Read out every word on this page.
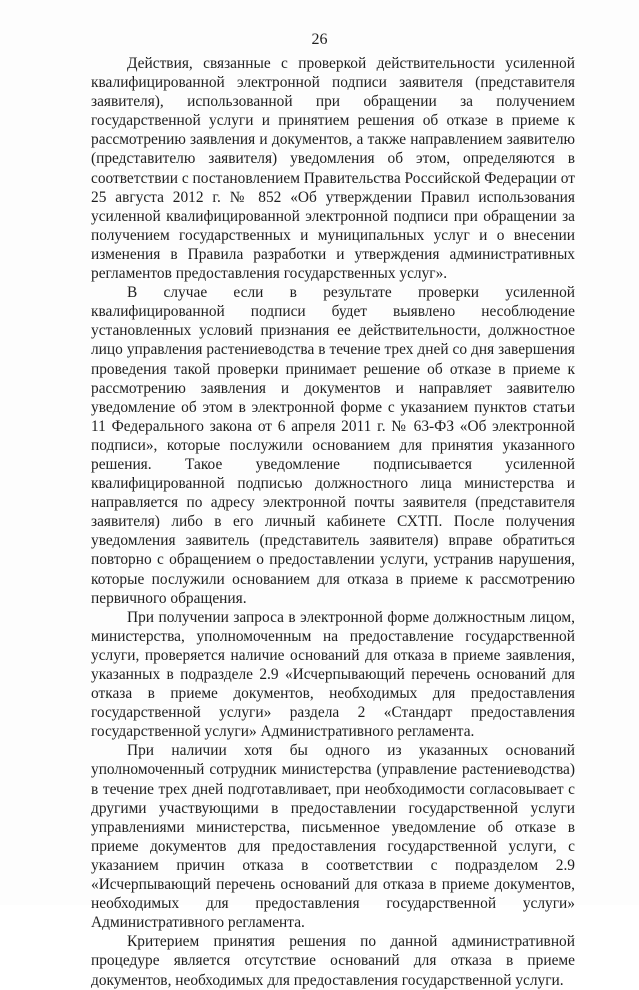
26

Действия, связанные с проверкой действительности усиленной квалифицированной электронной подписи заявителя (представителя заявителя), использованной при обращении за получением государственной услуги и принятием решения об отказе в приеме к рассмотрению заявления и документов, а также направлением заявителю (представителю заявителя) уведомления об этом, определяются в соответствии с постановлением Правительства Российской Федерации от 25 августа 2012 г. № 852 «Об утверждении Правил использования усиленной квалифицированной электронной подписи при обращении за получением государственных и муниципальных услуг и о внесении изменения в Правила разработки и утверждения административных регламентов предоставления государственных услуг».

В случае если в результате проверки усиленной квалифицированной подписи будет выявлено несоблюдение установленных условий признания ее действительности, должностное лицо управления растениеводства в течение трех дней со дня завершения проведения такой проверки принимает решение об отказе в приеме к рассмотрению заявления и документов и направляет заявителю уведомление об этом в электронной форме с указанием пунктов статьи 11 Федерального закона от 6 апреля 2011 г. № 63-ФЗ «Об электронной подписи», которые послужили основанием для принятия указанного решения. Такое уведомление подписывается усиленной квалифицированной подписью должностного лица министерства и направляется по адресу электронной почты заявителя (представителя заявителя) либо в его личный кабинете СХТП. После получения уведомления заявитель (представитель заявителя) вправе обратиться повторно с обращением о предоставлении услуги, устранив нарушения, которые послужили основанием для отказа в приеме к рассмотрению первичного обращения.

При получении запроса в электронной форме должностным лицом, министерства, уполномоченным на предоставление государственной услуги, проверяется наличие оснований для отказа в приеме заявления, указанных в подразделе 2.9 «Исчерпывающий перечень оснований для отказа в приеме документов, необходимых для предоставления государственной услуги» раздела 2 «Стандарт предоставления государственной услуги» Административного регламента.

При наличии хотя бы одного из указанных оснований уполномоченный сотрудник министерства (управление растениеводства) в течение трех дней подготавливает, при необходимости согласовывает с другими участвующими в предоставлении государственной услуги управлениями министерства, письменное уведомление об отказе в приеме документов для предоставления государственной услуги, с указанием причин отказа в соответствии с подразделом 2.9 «Исчерпывающий перечень оснований для отказа в приеме документов, необходимых для предоставления государственной услуги» Административного регламента.

Критерием принятия решения по данной административной процедуре является отсутствие оснований для отказа в приеме документов, необходимых для предоставления государственной услуги.
